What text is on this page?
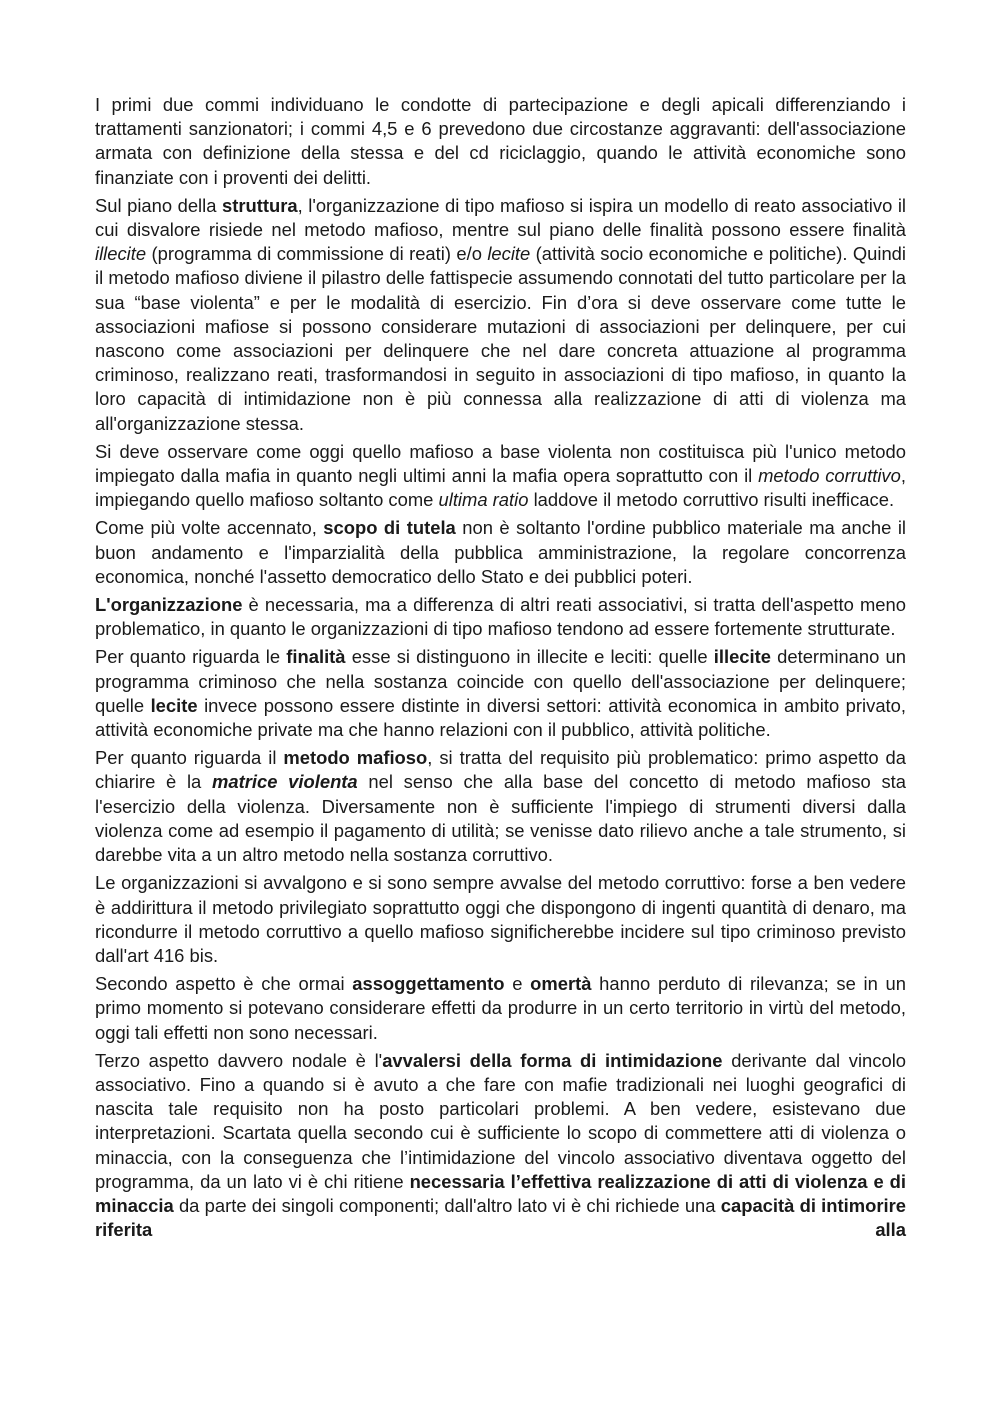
I primi due commi individuano le condotte di partecipazione e degli apicali differenziando i trattamenti sanzionatori; i commi 4,5 e 6 prevedono due circostanze aggravanti: dell'associazione armata con definizione della stessa e del cd riciclaggio, quando le attività economiche sono finanziate con i proventi dei delitti.

Sul piano della struttura, l'organizzazione di tipo mafioso si ispira un modello di reato associativo il cui disvalore risiede nel metodo mafioso, mentre sul piano delle finalità possono essere finalità illecite (programma di commissione di reati) e/o lecite (attività socio economiche e politiche). Quindi il metodo mafioso diviene il pilastro delle fattispecie assumendo connotati del tutto particolare per la sua “base violenta” e per le modalità di esercizio. Fin d’ora si deve osservare come tutte le associazioni mafiose si possono considerare mutazioni di associazioni per delinquere, per cui nascono come associazioni per delinquere che nel dare concreta attuazione al programma criminoso, realizzano reati, trasformandosi in seguito in associazioni di tipo mafioso, in quanto la loro capacità di intimidazione non è più connessa alla realizzazione di atti di violenza ma all'organizzazione stessa.

Si deve osservare come oggi quello mafioso a base violenta non costituisca più l'unico metodo impiegato dalla mafia in quanto negli ultimi anni la mafia opera soprattutto con il metodo corruttivo, impiegando quello mafioso soltanto come ultima ratio laddove il metodo corruttivo risulti inefficace.

Come più volte accennato, scopo di tutela non è soltanto l'ordine pubblico materiale ma anche il buon andamento e l'imparzialità della pubblica amministrazione, la regolare concorrenza economica, nonché l'assetto democratico dello Stato e dei pubblici poteri.

L'organizzazione è necessaria, ma a differenza di altri reati associativi, si tratta dell'aspetto meno problematico, in quanto le organizzazioni di tipo mafioso tendono ad essere fortemente strutturate.

Per quanto riguarda le finalità esse si distinguono in illecite e leciti: quelle illecite determinano un programma criminoso che nella sostanza coincide con quello dell'associazione per delinquere; quelle lecite invece possono essere distinte in diversi settori: attività economica in ambito privato, attività economiche private ma che hanno relazioni con il pubblico, attività politiche.

Per quanto riguarda il metodo mafioso, si tratta del requisito più problematico: primo aspetto da chiarire è la matrice violenta nel senso che alla base del concetto di metodo mafioso sta l'esercizio della violenza. Diversamente non è sufficiente l'impiego di strumenti diversi dalla violenza come ad esempio il pagamento di utilità; se venisse dato rilievo anche a tale strumento, si darebbe vita a un altro metodo nella sostanza corruttivo.

Le organizzazioni si avvalgono e si sono sempre avvalse del metodo corruttivo: forse a ben vedere è addirittura il metodo privilegiato soprattutto oggi che dispongono di ingenti quantità di denaro, ma ricondurre il metodo corruttivo a quello mafioso significherebbe incidere sul tipo criminoso previsto dall'art 416 bis.

Secondo aspetto è che ormai assoggettamento e omertà hanno perduto di rilevanza; se in un primo momento si potevano considerare effetti da produrre in un certo territorio in virtù del metodo, oggi tali effetti non sono necessari.

Terzo aspetto davvero nodale è l'avvalersi della forma di intimidazione derivante dal vincolo associativo. Fino a quando si è avuto a che fare con mafie tradizionali nei luoghi geografici di nascita tale requisito non ha posto particolari problemi. A ben vedere, esistevano due interpretazioni. Scartata quella secondo cui è sufficiente lo scopo di commettere atti di violenza o minaccia, con la conseguenza che l’intimidazione del vincolo associativo diventava oggetto del programma, da un lato vi è chi ritiene necessaria l’effettiva realizzazione di atti di violenza e di minaccia da parte dei singoli componenti; dall'altro lato vi è chi richiede una capacità di intimorire riferita alla
